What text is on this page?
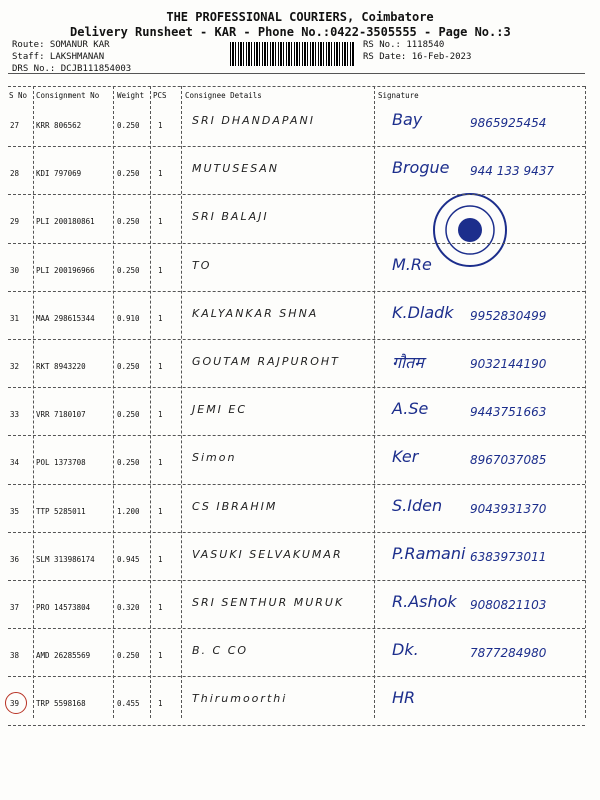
THE PROFESSIONAL COURIERS, Coimbatore
Delivery Runsheet - KAR - Phone No.:0422-3505555 - Page No.:3
Route: SOMANUR KAR
Staff: LAKSHMANAN
DRS No.: DCJB111854003
RS No.: 1118540
RS Date: 16-Feb-2023
S No Consignment No Weight PCS Consignee Details	Signature
27 KRR 806562	0.250 1	SRI DHANDAPANI	Bay	9865925454
28 KDI 797069	0.250 1	MUTUSESAN	Brogue 944 133 9437
29 PLI 200180861	0.250 1	SRI BALAJI
30 PLI 200196966	0.250 1	TO	M.Re
31 MAA 298615344	0.910 1	KALYANKAR SHNA	K.Dladk 9952830499
32 RKT 8943220	0.250 1	GOUTAM RAJPUROHT	गौतम	9032144190
33 VRR 7180107	0.250 1	JEMI EC	A.Se	9443751663
34 POL 1373708	0.250 1	Simon	Ker	8967037085
35 TTP 5285011	1.200 1	CS IBRAHIM	S.Iden 9043931370
36 SLM 313986174	0.945 1	VASUKI SELVAKUMAR	P.Ramani 6383973011
37 PRO 14573804	0.320 1	SRI SENTHUR MURUK	R.Ashok 9080821103
38 AMD 26285569	0.250 1	B. C CO	Dk.	7877284980
39 TRP 5598168	0.455 1	Thirumoorthi	HR
